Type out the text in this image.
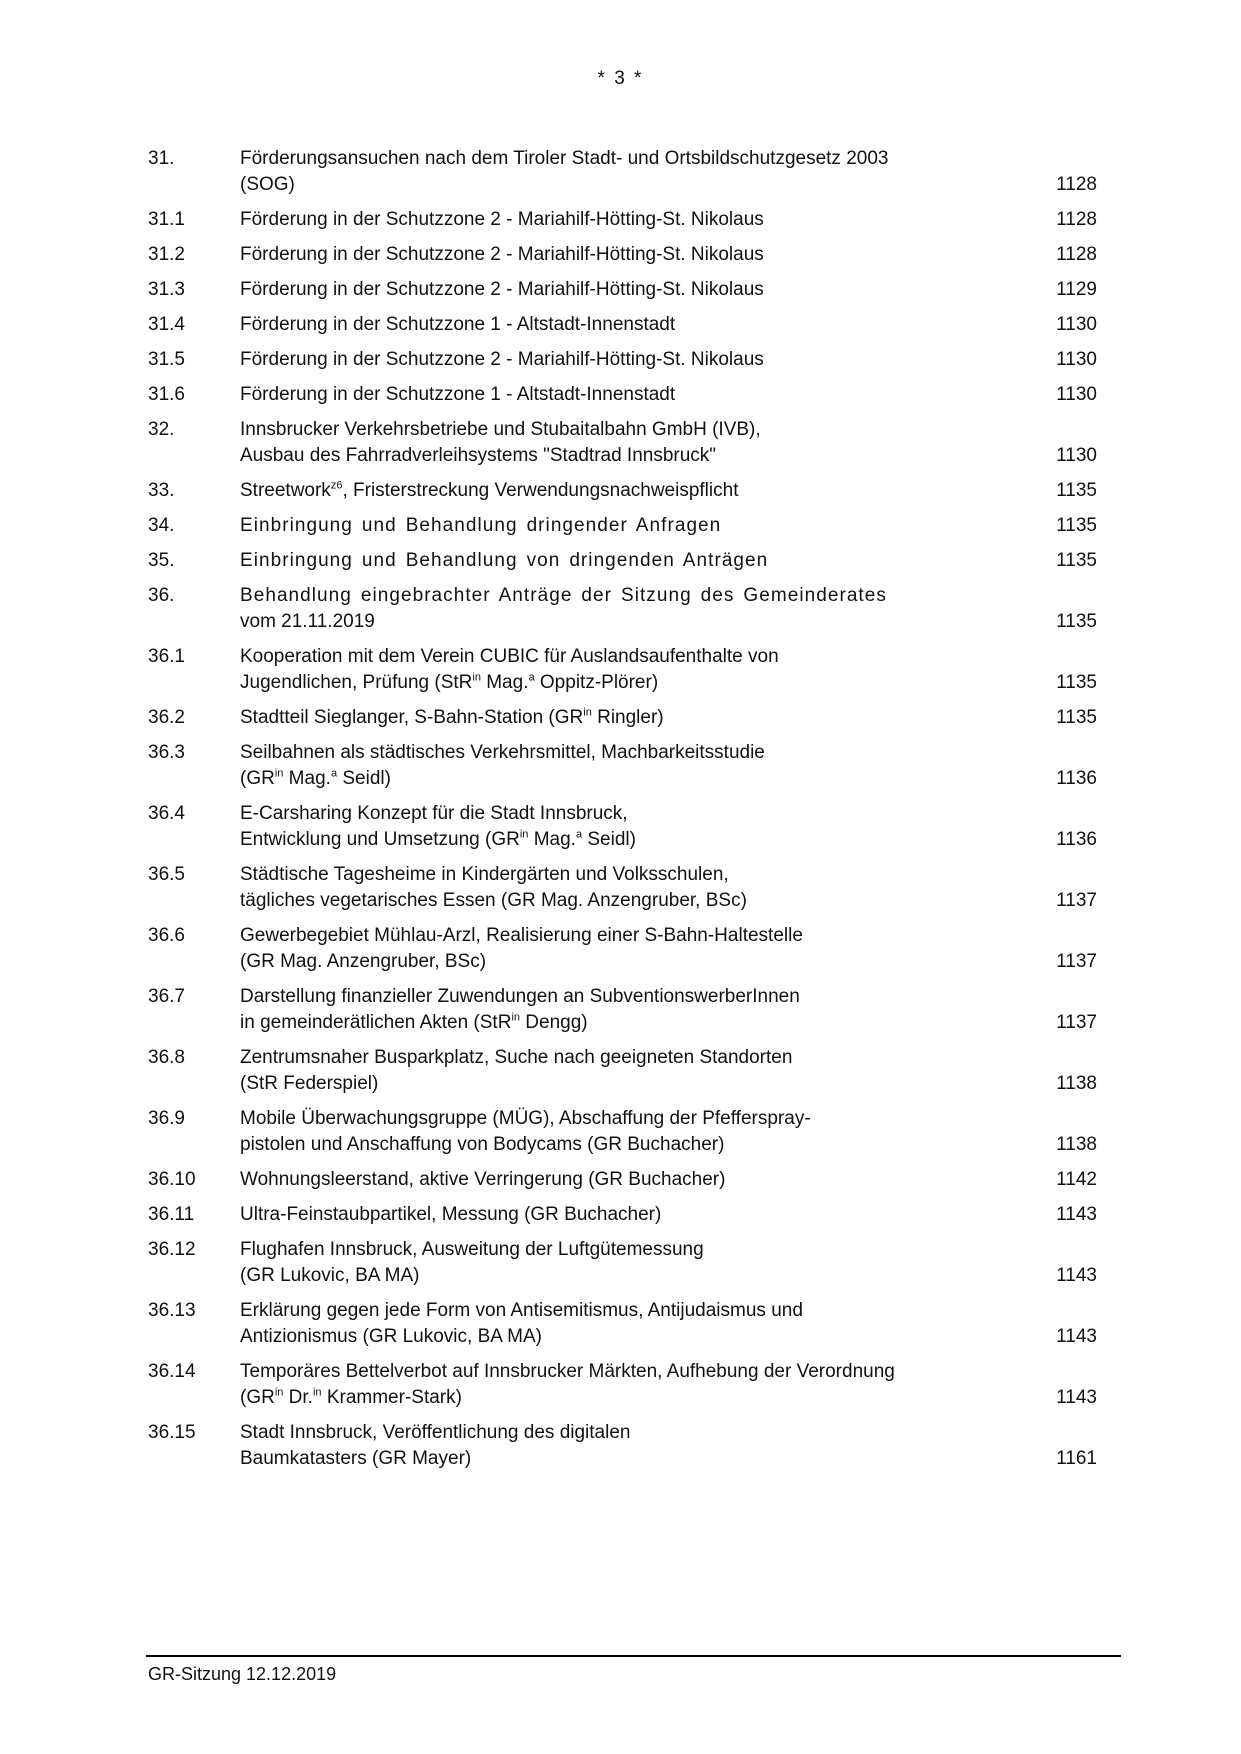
* 3 *
31.	Förderungsansuchen nach dem Tiroler Stadt- und Ortsbildschutzgesetz 2003
(SOG)	1128
31.1	Förderung in der Schutzzone 2 - Mariahilf-Hötting-St. Nikolaus	1128
31.2	Förderung in der Schutzzone 2 - Mariahilf-Hötting-St. Nikolaus	1128
31.3	Förderung in der Schutzzone 2 - Mariahilf-Hötting-St. Nikolaus	1129
31.4	Förderung in der Schutzzone 1 - Altstadt-Innenstadt	1130
31.5	Förderung in der Schutzzone 2 - Mariahilf-Hötting-St. Nikolaus	1130
31.6	Förderung in der Schutzzone 1 - Altstadt-Innenstadt	1130
32.	Innsbrucker Verkehrsbetriebe und Stubaitalbahn GmbH (IVB),
Ausbau des Fahrradverleihsystems "Stadtrad Innsbruck"	1130
33.	Streetwork$^{z6}$, Fristerstreckung Verwendungsnachweispflicht	1135
34.	Einbringung und Behandlung dringender Anfragen	1135
35.	Einbringung und Behandlung von dringenden Anträgen	1135
36.	Behandlung eingebrachter Anträge der Sitzung des Gemeinderates
vom 21.11.2019	1135
36.1	Kooperation mit dem Verein CUBIC für Auslandsaufenthalte von
Jugendlichen, Prüfung (StR$^{in}$ Mag.$^a$ Oppitz-Plörer)	1135
36.2	Stadtteil Sieglanger, S-Bahn-Station ($GR^{in}$ Ringler)	1135
36.3	Seilbahnen als städtisches Verkehrsmittel, Machbarkeitsstudie
($GR^{in}$ Mag.$^a$ Seidl)	1136
36.4	E-Carsharing Konzept für die Stadt Innsbruck,
Entwicklung und Umsetzung ($GR^{in}$ Mag.$^a$ Seidl)	1136
36.5	Städtische Tagesheime in Kindergärten und Volksschulen,
tägliches vegetarisches Essen (GR Mag. Anzengruber, BSc)	1137
36.6	Gewerbegebiet Mühlau-Arzl, Realisierung einer S-Bahn-Haltestelle
(GR Mag. Anzengruber, BSc)	1137
36.7	Darstellung finanzieller Zuwendungen an SubventionswerberInnen
in gemeinderätlichen Akten (StR$^{in}$ Dengg)	1137
36.8	Zentrumsnaher Busparkplatz, Suche nach geeigneten Standorten
(StR Federspiel)	1138
36.9	Mobile Überwachungsgruppe (MÜG), Abschaffung der Pfefferspray-
pistolen und Anschaffung von Bodycams (GR Buchacher)	1138
36.10	Wohnungsleerstand, aktive Verringerung (GR Buchacher)	1142
36.11	Ultra-Feinstaubpartikel, Messung (GR Buchacher)	1143
36.12	Flughafen Innsbruck, Ausweitung der Luftgütemessung
(GR Lukovic, BA MA)	1143
36.13	Erklärung gegen jede Form von Antisemitismus, Antijudaismus und
Antizionismus (GR Lukovic, BA MA)	1143
36.14	Temporäres Bettelverbot auf Innsbrucker Märkten, Aufhebung der Verordnung
($GR^{in}$ Dr.$^{in}$ Krammer-Stark)	1143
36.15	Stadt Innsbruck, Veröffentlichung des digitalen
Baumkatasters (GR Mayer)	1161
GR-Sitzung 12.12.2019
